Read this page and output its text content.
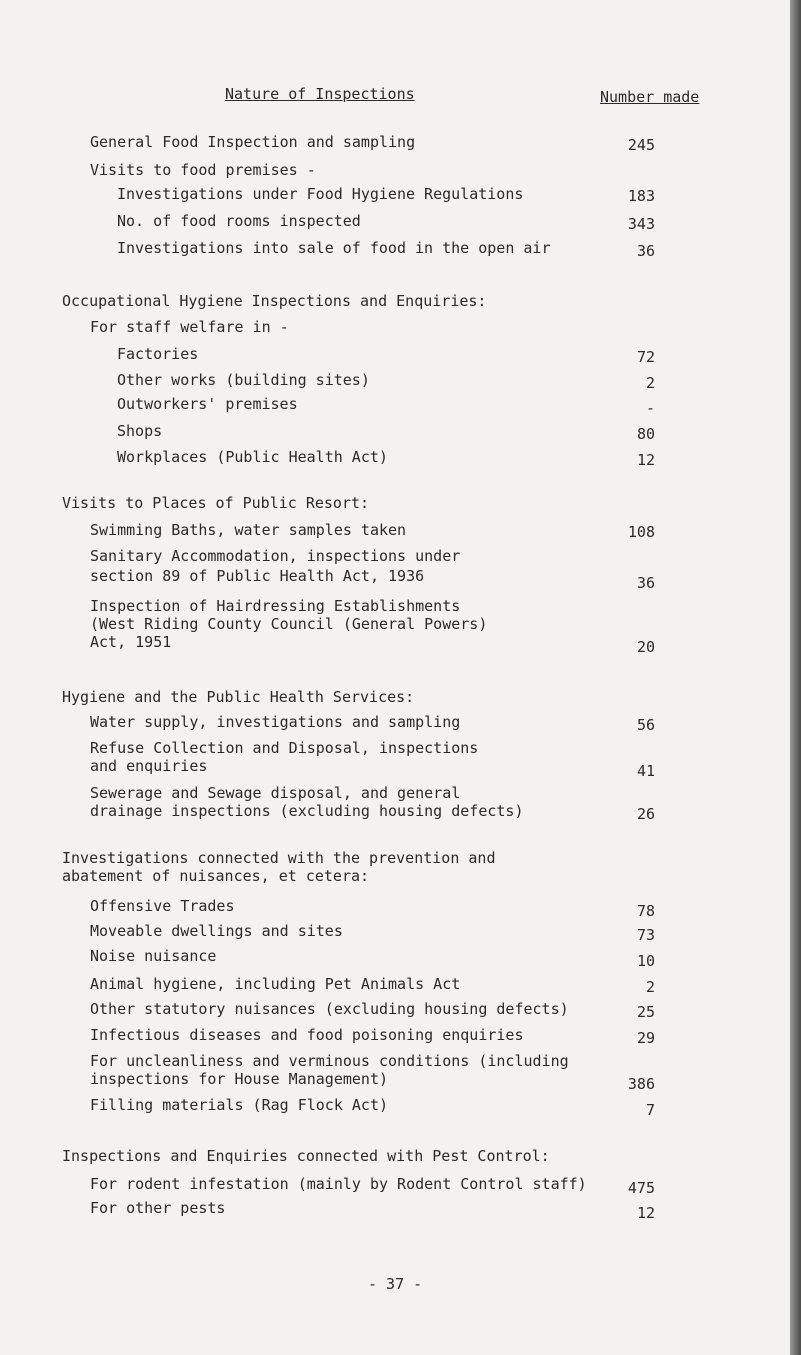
Nature of Inspections	Number made
General Food Inspection and sampling	245
Visits to food premises -
Investigations under Food Hygiene Regulations	183
No. of food rooms inspected	343
Investigations into sale of food in the open air	36
Occupational Hygiene Inspections and Enquiries:
For staff welfare in -
Factories	72
Other works (building sites)	2
Outworkers' premises	-
Shops	80
Workplaces (Public Health Act)	12
Visits to Places of Public Resort:
Swimming Baths, water samples taken	108
Sanitary Accommodation, inspections under
section 89 of Public Health Act, 1936	36
Inspection of Hairdressing Establishments
(West Riding County Council (General Powers)
Act, 1951	20
Hygiene and the Public Health Services:
Water supply, investigations and sampling	56
Refuse Collection and Disposal, inspections
and enquiries	41
Sewerage and Sewage disposal, and general
drainage inspections (excluding housing defects)	26
Investigations connected with the prevention and
abatement of nuisances, et cetera:
Offensive Trades	78
Moveable dwellings and sites	73
Noise nuisance	10
Animal hygiene, including Pet Animals Act	2
Other statutory nuisances (excluding housing defects)	25
Infectious diseases and food poisoning enquiries	29
For uncleanliness and verminous conditions (including
inspections for House Management)	386
Filling materials (Rag Flock Act)	7
Inspections and Enquiries connected with Pest Control:
For rodent infestation (mainly by Rodent Control staff)	475
For other pests	12
- 37 -
